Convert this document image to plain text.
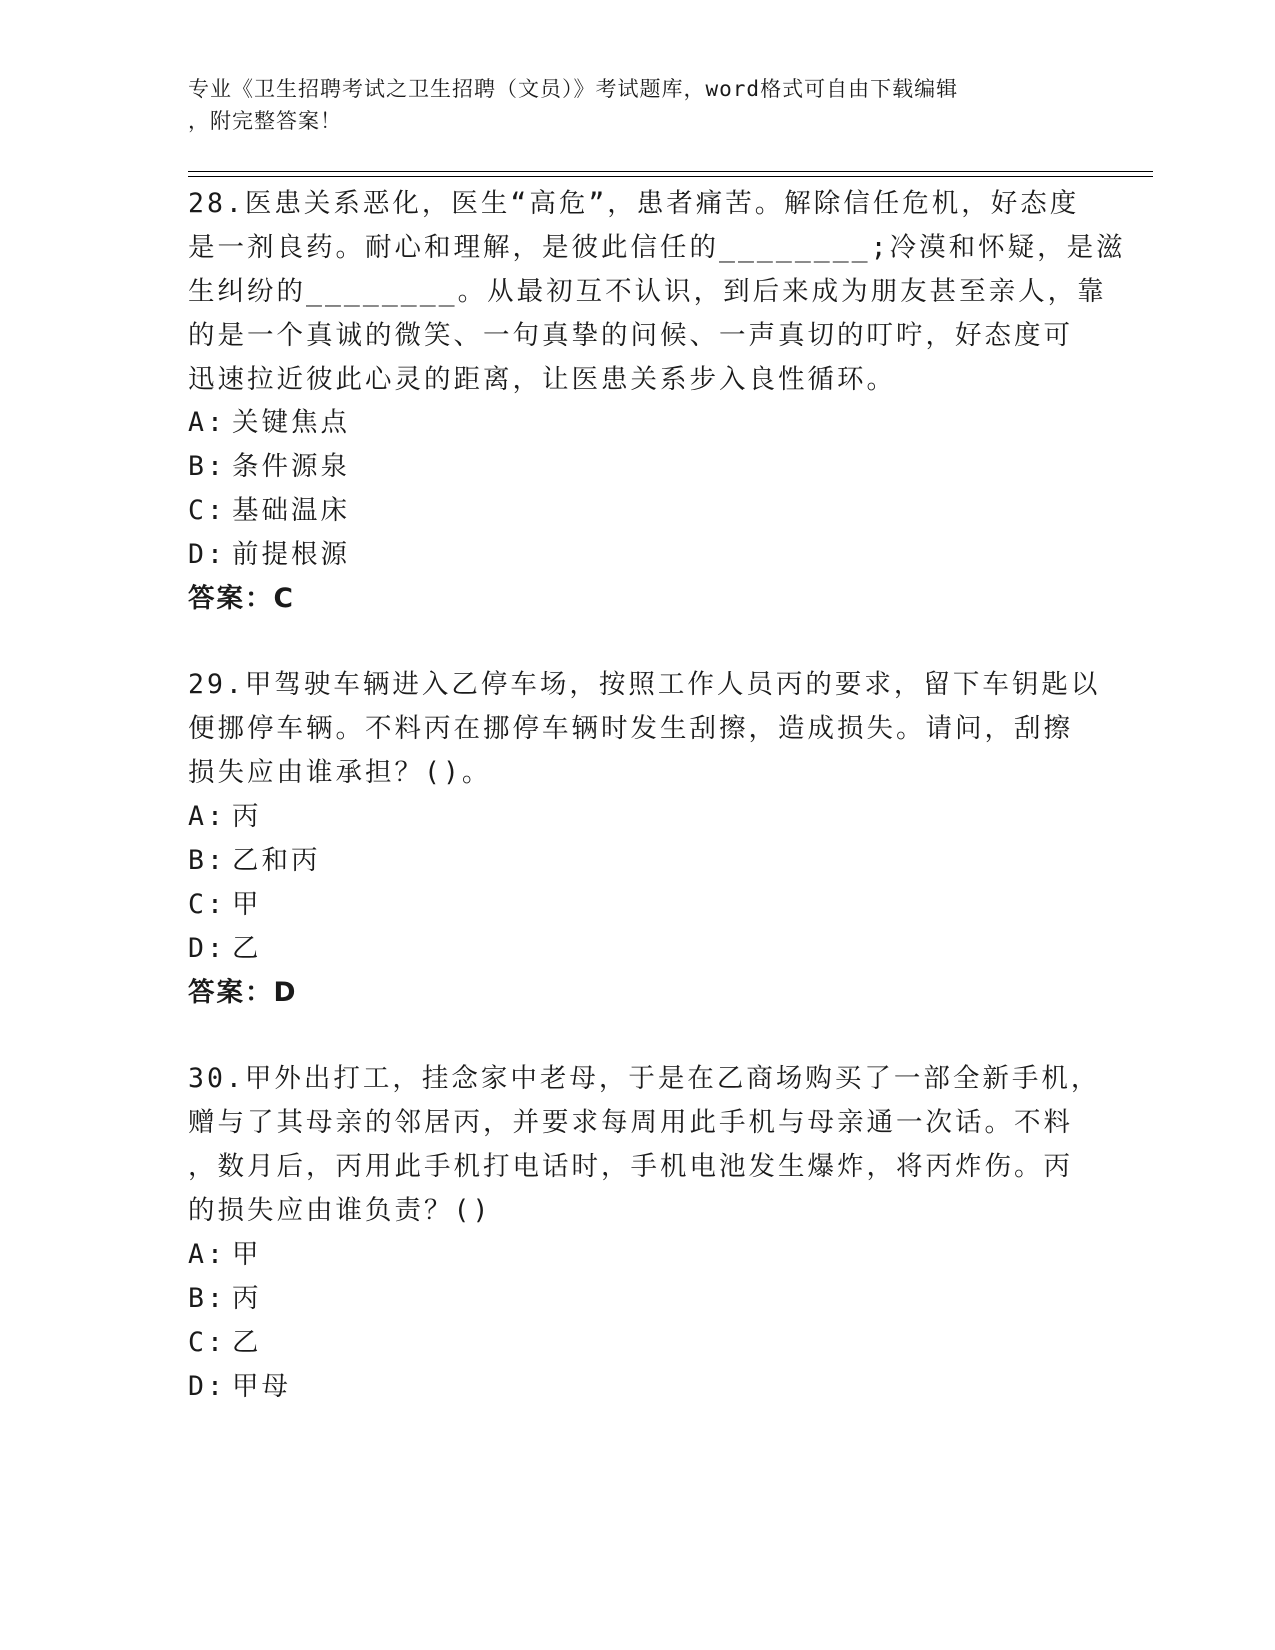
专业《卫生招聘考试之卫生招聘（文员）》考试题库，word格式可自由下载编辑
，附完整答案！
28.医患关系恶化，医生“高危”，患者痛苦。解除信任危机，好态度
是一剂良药。耐心和理解，是彼此信任的________;冷漠和怀疑，是滋
生纠纷的________。从最初互不认识，到后来成为朋友甚至亲人，靠
的是一个真诚的微笑、一句真挚的问候、一声真切的叮咛，好态度可
迅速拉近彼此心灵的距离，让医患关系步入良性循环。
A: 关键焦点
B: 条件源泉
C: 基础温床
D: 前提根源
答案：C
29.甲驾驶车辆进入乙停车场，按照工作人员丙的要求，留下车钥匙以
便挪停车辆。不料丙在挪停车辆时发生刮擦，造成损失。请问，刮擦
损失应由谁承担？()。
A: 丙
B: 乙和丙
C: 甲
D: 乙
答案：D
30.甲外出打工，挂念家中老母，于是在乙商场购买了一部全新手机，
赠与了其母亲的邻居丙，并要求每周用此手机与母亲通一次话。不料
，数月后，丙用此手机打电话时，手机电池发生爆炸，将丙炸伤。丙
的损失应由谁负责？()
A: 甲
B: 丙
C: 乙
D: 甲母
